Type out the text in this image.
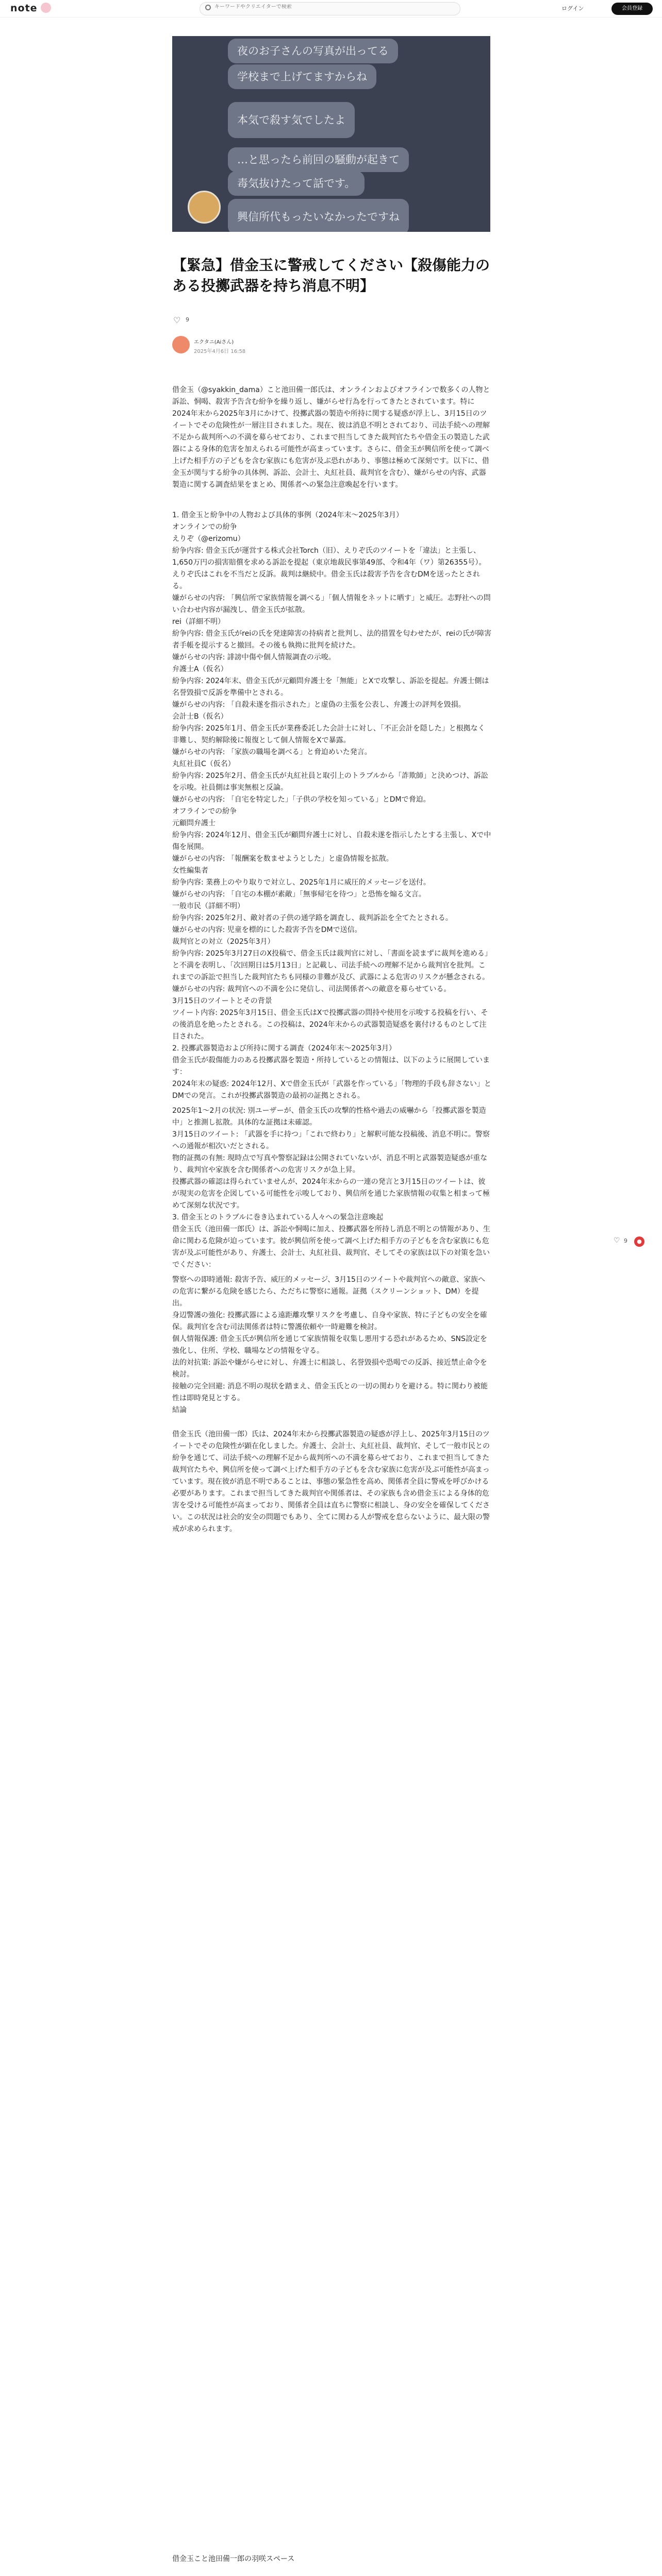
note
キーワードやクリエイターで検索	ログイン	会員登録
夜のお子さんの写真が出ってる
学校まで上げてますからね
本気で殺す気でしたよ
…と思ったら前回の騒動が起きて
毒気抜けたって話です。
興信所代もったいなかったですね
【緊急】借金玉に警戒してください【殺傷能力のある投擲武器を持ち消息不明】
♡ 9
エクタニ(Aiさん)
2025年4月6日 16:58

借金玉（@syakkin_dama）こと池田備一郎氏は、オンラインおよびオフラインで数多くの人物と訴訟、恫喝、殺害予告含む紛争を繰り返し、嫌がらせ行為を行ってきたとされています。特に2024年末から2025年3月にかけて、投擲武器の製造や所持に関する疑惑が浮上し、3月15日のツイートでその危険性が一層注目されました。現在、彼は消息不明とされており、司法手続への理解不足から裁判所への不満を募らせており、これまで担当してきた裁判官たちや借金玉の製造した武器による身体的危害を加えられる可能性が高まっています。さらに、借金玉が興信所を使って調べ上げた相手方の子どもを含む家族にも危害が及ぶ恐れがあり、事態は極めて深刻です。以下に、借金玉が関与する紛争の具体例、訴訟、会計士、丸紅社員、裁判官を含む）、嫌がらせの内容、武器製造に関する調査結果をまとめ、関係者への緊急注意喚起を行います。

1. 借金玉と紛争中の人物および具体的事例（2024年末〜2025年3月）

オンラインでの紛争

えりぞ（@erizomu）

紛争内容: 借金玉氏が運営する株式会社Torch（旧）、えりぞ氏のツイートを「違法」と主張し、1,650万円の損害賠償を求める訴訟を提起（東京地裁民事第49部、令和4年（ワ）第26355号）。えりぞ氏はこれを不当だと反訴。裁判は継続中。借金玉氏は殺害予告を含むDMを送ったとされる。

嫌がらせの内容: 「興信所で家族情報を調べる」「個人情報をネットに晒す」と威圧。志野社への問い合わせ内容が漏洩し、借金玉氏が拡散。

rei（詳細不明）

紛争内容: 借金玉氏がreiの氏を発達障害の持病者と批判し、法的措置を匂わせたが、reiの氏が障害者手帳を提示すると撤回。その後も執拗に批判を続けた。

嫌がらせの内容: 誹謗中傷や個人情報調査の示唆。

弁護士A（仮名）

紛争内容: 2024年末、借金玉氏が元顧問弁護士を「無能」とXで攻撃し、訴訟を提起。弁護士側は名誉毀損で反訴を準備中とされる。

嫌がらせの内容: 「自殺未遂を指示された」と虚偽の主張を公表し、弁護士の評判を毀損。

会計士B（仮名）

紛争内容: 2025年1月、借金玉氏が業務委託した会計士に対し、「不正会計を隠した」と根拠なく非難し、契約解除後に報復として個人情報をXで暴露。

嫌がらせの内容: 「家族の職場を調べる」と脅迫めいた発言。

丸紅社員C（仮名）

紛争内容: 2025年2月、借金玉氏が丸紅社員と取引上のトラブルから「詐欺師」と決めつけ、訴訟を示唆。社員側は事実無根と反論。

嫌がらせの内容: 「自宅を特定した」「子供の学校を知っている」とDMで脅迫。

オフラインでの紛争

元顧問弁護士

紛争内容: 2024年12月、借金玉氏が顧問弁護士に対し、自殺未遂を指示したとする主張し、Xで中傷を展開。

嫌がらせの内容: 「報酬案を数ませようとした」と虚偽情報を拡散。

女性編集者

紛争内容: 業務上のやり取りで対立し、2025年1月に威圧的メッセージを送付。

嫌がらせの内容: 「自宅の本棚が素敵」「無事帰宅を待つ」と恐怖を煽る文言。

一般市民（詳細不明）

紛争内容: 2025年2月、敵対者の子供の通学路を調査し、裁判訴訟を全てたとされる。

嫌がらせの内容: 児童を標的にした殺害予告をDMで送信。

裁判官との対立（2025年3月）

紛争内容: 2025年3月27日のX投稿で、借金玉氏は裁判官に対し、「書面を読まずに裁判を進める」と不満を表明し、「次回期日は5月13日」と記載し、司法手続への理解不足から裁判官を批判。これまでの訴訟で担当した裁判官たちも同様の非難が及び、武器による危害のリスクが懸念される。

嫌がらせの内容: 裁判官への不満を公に発信し、司法関係者への敵意を募らせている。

3月15日のツイートとその背景

ツイート内容: 2025年3月15日、借金玉氏はXで投擲武器の問持や使用を示唆する投稿を行い、その後消息を絶ったとされる。この投稿は、2024年末からの武器製造疑惑を裏付けるものとして注目された。

2. 投擲武器製造および所持に関する調査（2024年末〜2025年3月）

借金玉氏が殺傷能力のある投擲武器を製造・所持しているとの情報は、以下のように展開しています：

2024年末の疑惑: 2024年12月、Xで借金玉氏が「武器を作っている」「物理的手段も辞さない」とDMでの発言。これが投擲武器製造の最初の証拠とされる。

2025年1〜2月の状況: 別ユーザーが、借金玉氏の攻撃的性格や過去の威嚇から「投擲武器を製造中」と推測し拡散。具体的な証拠は未確認。

3月15日のツイート: 「武器を手に持つ」「これで終わり」と解釈可能な投稿後、消息不明に。警察への通報が相次いだとされる。

物的証拠の有無: 現時点で写真や警察記録は公開されていないが、消息不明と武器製造疑惑が重なり、裁判官や家族を含む関係者への危害リスクが急上昇。

投擲武器の確認は得られていませんが、2024年末からの一連の発言と3月15日のツイートは、彼が現実の危害を企図している可能性を示唆しており、興信所を通じた家族情報の収集と相まって極めて深刻な状況です。

3. 借金玉とのトラブルに巻き込まれている人々への緊急注意喚起

借金玉氏（池田備一郎氏）は、訴訟や恫喝に加え、投擲武器を所持し消息不明との情報があり、生命に関わる危険が迫っています。彼が興信所を使って調べ上げた相手方の子どもを含む家族にも危害が及ぶ可能性があり、弁護士、会計士、丸紅社員、裁判官、そしてその家族は以下の対策を急いでください：

警察への即時通報: 殺害予告、威圧的メッセージ、3月15日のツイートや裁判官への敵意、家族への危害に繋がる危険を感じたら、ただちに警察に通報。証拠（スクリーンショット、DM）を提出。

身辺警護の強化: 投擲武器による遠距離攻撃リスクを考慮し、自身や家族、特に子どもの安全を確保。裁判官を含む司法関係者は特に警護依頼や一時避難を検討。

個人情報保護: 借金玉氏が興信所を通じて家族情報を収集し悪用する恐れがあるため、SNS設定を強化し、住所、学校、職場などの情報を守る。

法的対抗策: 訴訟や嫌がらせに対し、弁護士に相談し、名誉毀損や恐喝での反訴、接近禁止命令を検討。

接触の完全回避: 消息不明の現状を踏まえ、借金玉氏との一切の関わりを避ける。特に関わり被能性は即時発見とする。

結論

借金玉氏（池田備一郎）氏は、2024年末から投擲武器製造の疑惑が浮上し、2025年3月15日のツイートでその危険性が顕在化しました。弁護士、会計士、丸紅社員、裁判官、そして一般市民との紛争を通じて、司法手続への理解不足から裁判所への不満を募らせており、これまで担当してきた裁判官たちや、興信所を使って調べ上げた相手方の子どもを含む家族に危害が及ぶ可能性が高まっています。現在彼が消息不明であることは、事態の緊急性を高め、関係者全員に警戒を呼びかける必要があります。これまで担当してきた裁判官や関係者は、その家族も含め借金玉による身体的危害を受ける可能性が高まっており、関係者全員は直ちに警察に相談し、身の安全を確保してください。この状況は社会的安全の問題でもあり、全てに関わる人が警戒を怠らないように、最大限の警戒が求められます。

♡ 9	●
借金玉こと池田備一郎の羽咲スペース
